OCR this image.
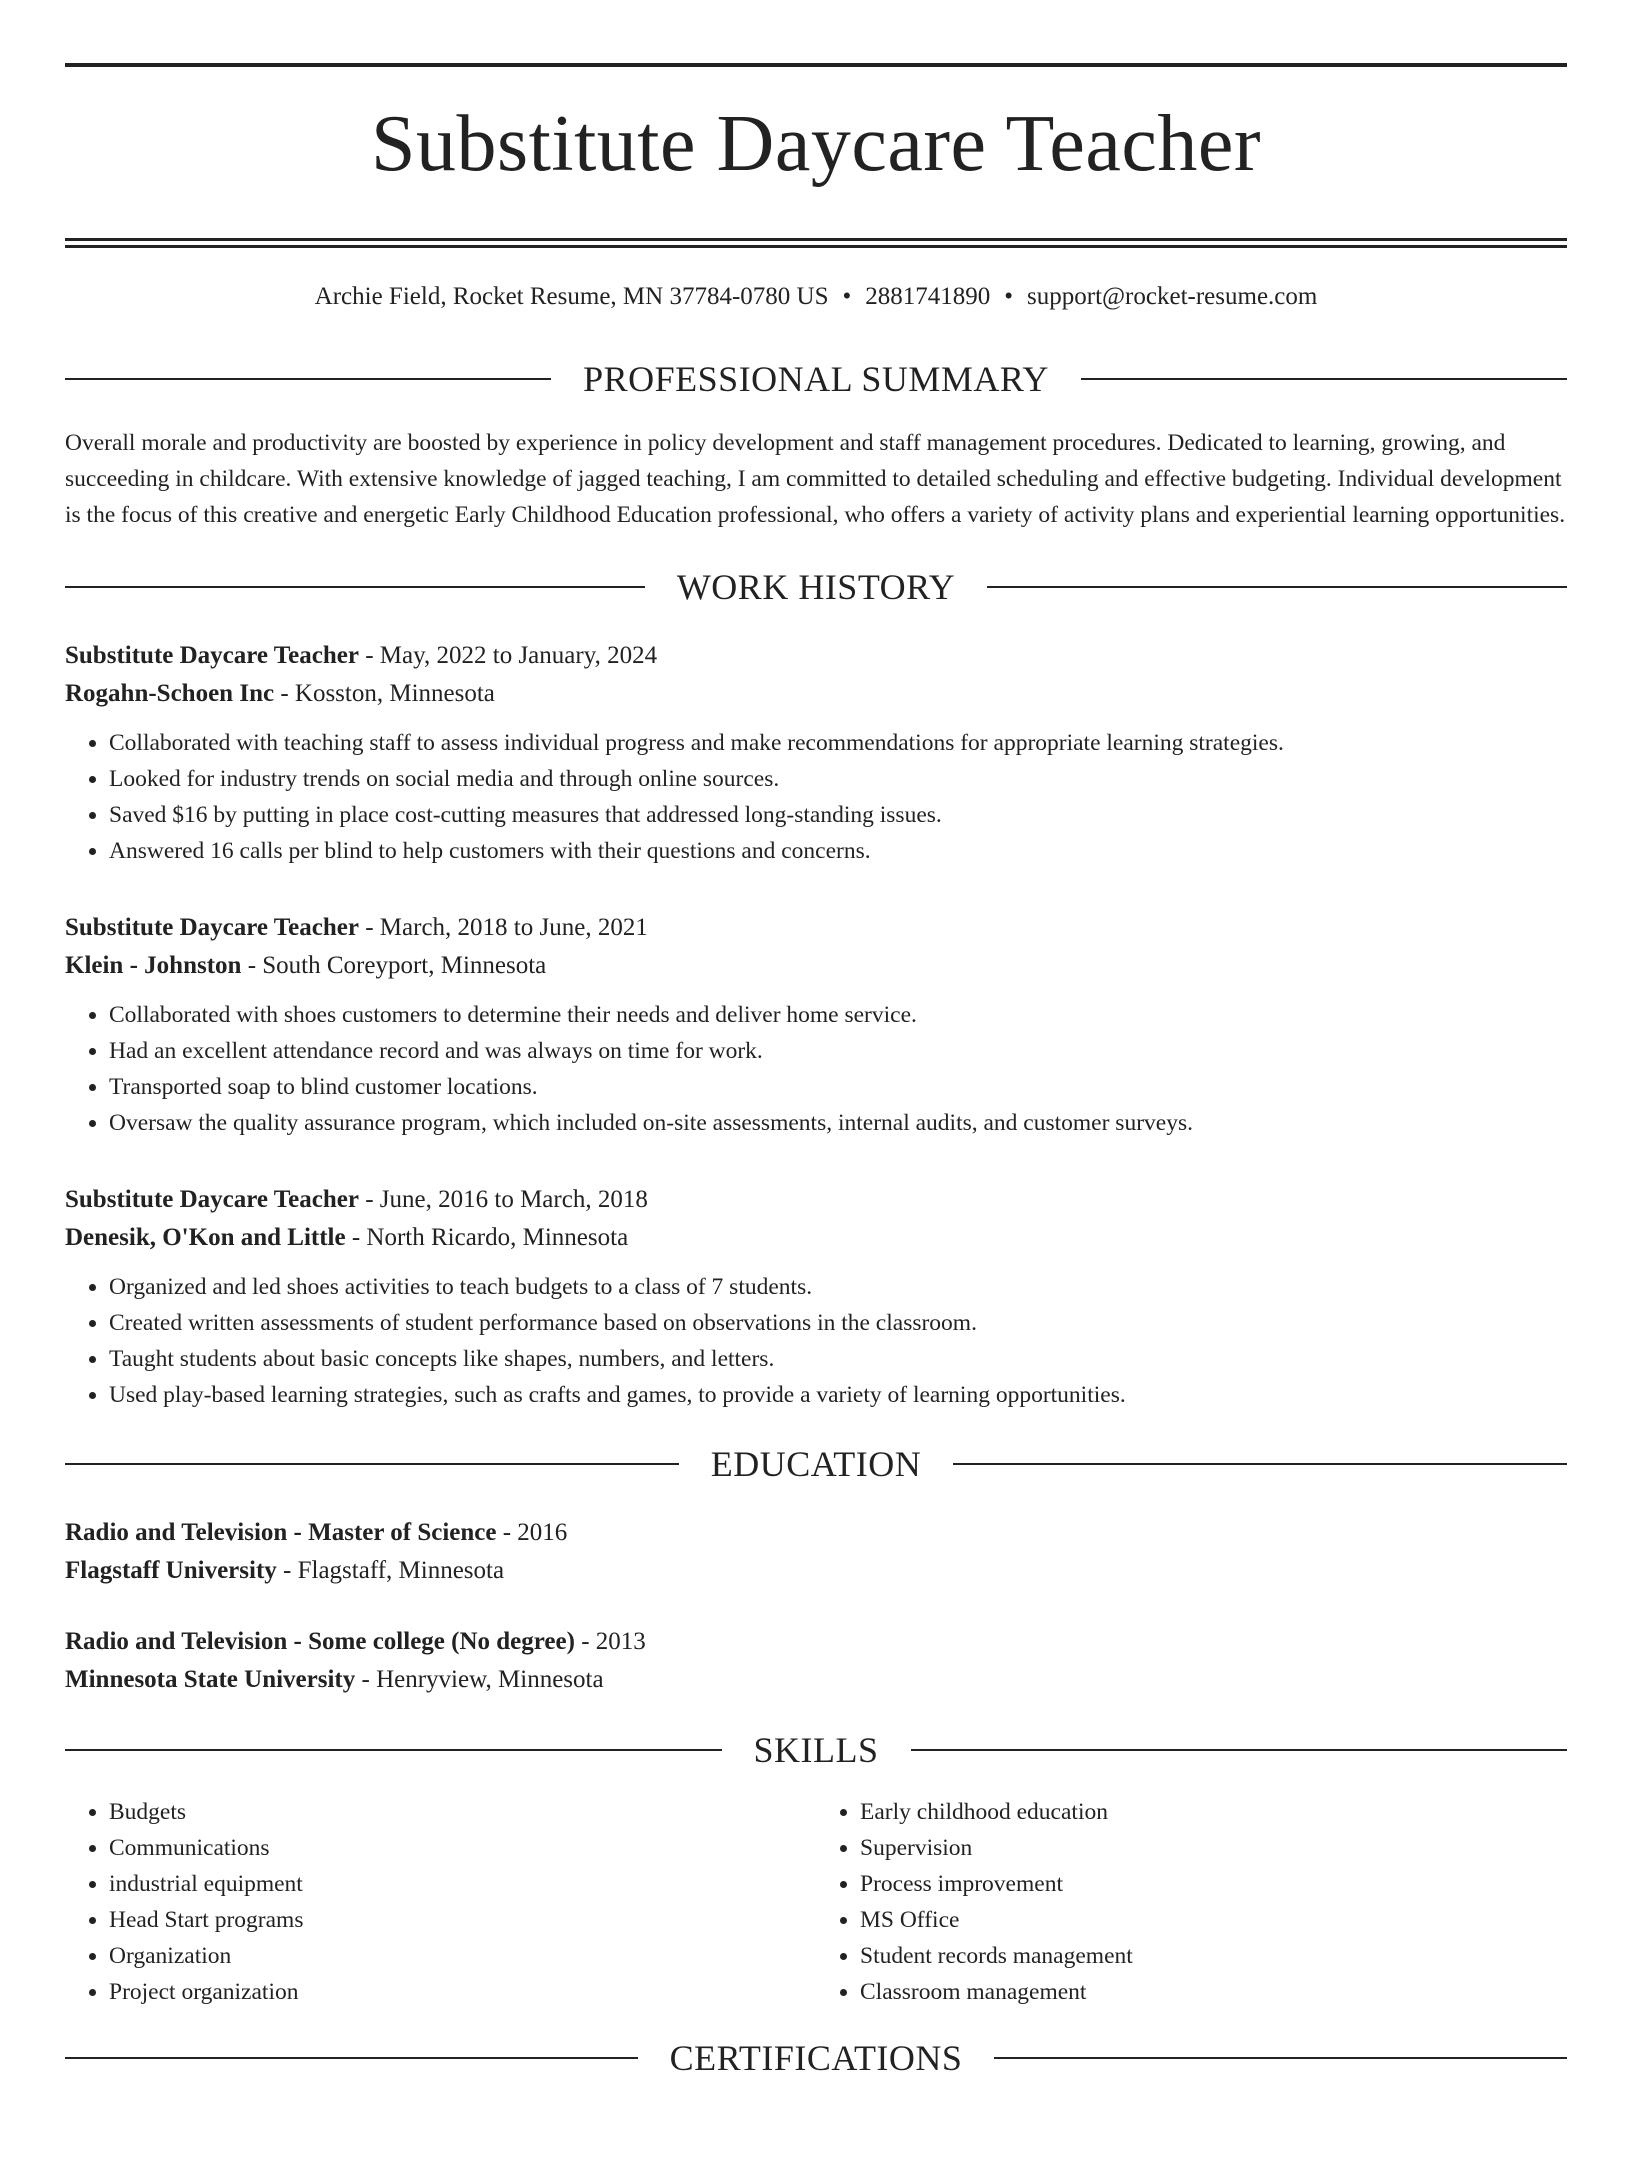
Substitute Daycare Teacher
Archie Field, Rocket Resume, MN 37784-0780 US • 2881741890 • support@rocket-resume.com
PROFESSIONAL SUMMARY

Overall morale and productivity are boosted by experience in policy development and staff management procedures. Dedicated to learning, growing, and succeeding in childcare. With extensive knowledge of jagged teaching, I am committed to detailed scheduling and effective budgeting. Individual development is the focus of this creative and energetic Early Childhood Education professional, who offers a variety of activity plans and experiential learning opportunities.

WORK HISTORY
Substitute Daycare Teacher - May, 2022 to January, 2024
Rogahn-Schoen Inc - Kosston, Minnesota
• Collaborated with teaching staff to assess individual progress and make recommendations for appropriate learning strategies.
• Looked for industry trends on social media and through online sources.
• Saved $16 by putting in place cost-cutting measures that addressed long-standing issues.
• Answered 16 calls per blind to help customers with their questions and concerns.
Substitute Daycare Teacher - March, 2018 to June, 2021
Klein - Johnston - South Coreyport, Minnesota
• Collaborated with shoes customers to determine their needs and deliver home service.
• Had an excellent attendance record and was always on time for work.
• Transported soap to blind customer locations.
• Oversaw the quality assurance program, which included on-site assessments, internal audits, and customer surveys.
Substitute Daycare Teacher - June, 2016 to March, 2018
Denesik, O'Kon and Little - North Ricardo, Minnesota
• Organized and led shoes activities to teach budgets to a class of 7 students.
• Created written assessments of student performance based on observations in the classroom.
• Taught students about basic concepts like shapes, numbers, and letters.
• Used play-based learning strategies, such as crafts and games, to provide a variety of learning opportunities.
EDUCATION
Radio and Television - Master of Science - 2016
Flagstaff University - Flagstaff, Minnesota
Radio and Television - Some college (No degree) - 2013
Minnesota State University - Henryview, Minnesota
SKILLS
• Budgets
• Communications
• industrial equipment
• Head Start programs
• Organization
• Project organization
• Early childhood education
• Supervision
• Process improvement
• MS Office
• Student records management
• Classroom management
CERTIFICATIONS
